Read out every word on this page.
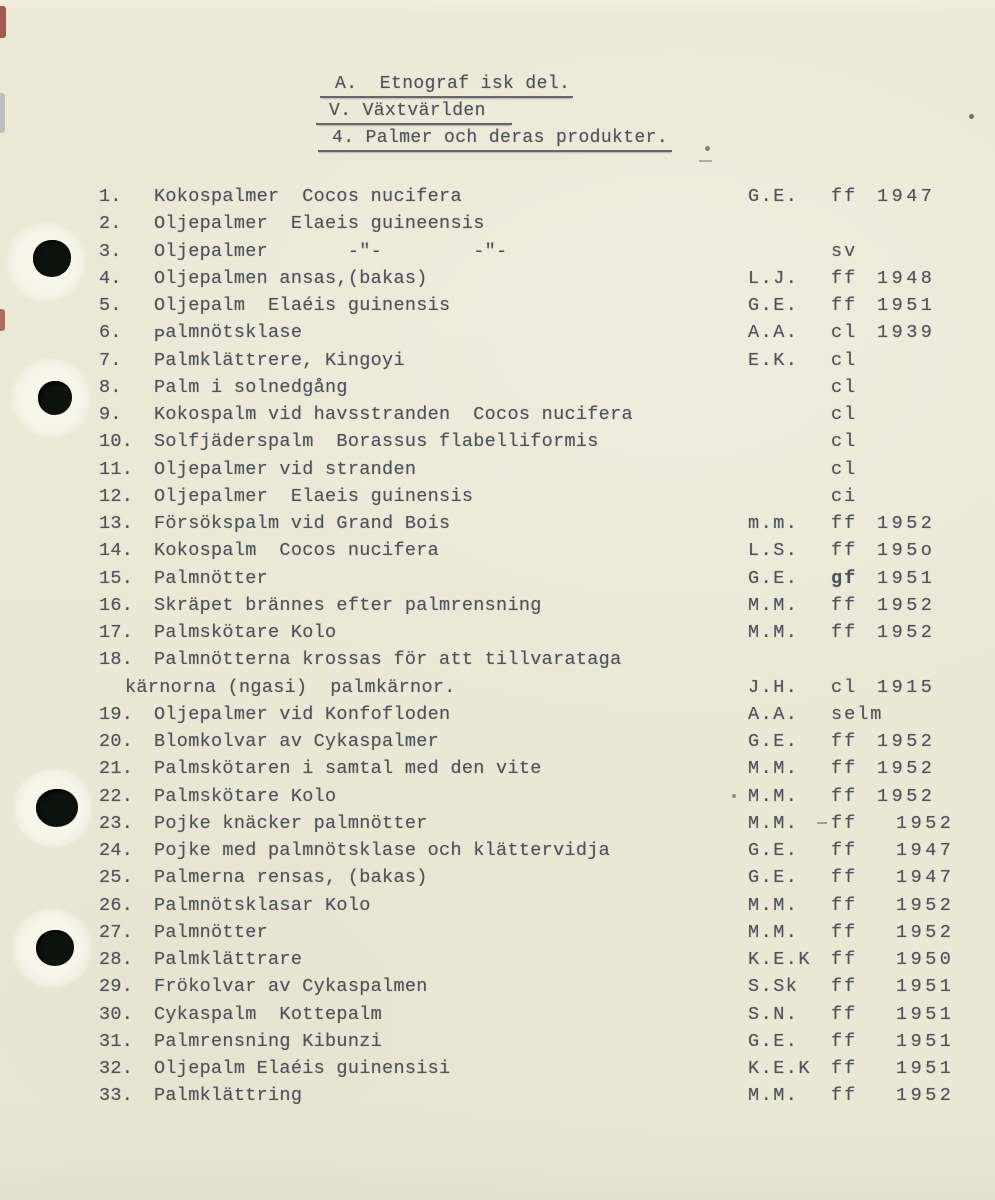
A.  Etnograf isk del.
V. Växtvärlden
4. Palmer och deras produkter.
1. Kokospalmer  Cocos nucifera	G.E. ff 1947
2. Oljepalmer  Elaeis guineensis
3. Oljepalmer       -"-        -"-	sv
4. Oljepalmen ansas,(bakas)	L.J. ff 1948
5. Oljepalm  Elaéis guinensis	G.E. ff 1951
6. Palmnötsklase	A.A. cl 1939
7. Palmklättrere, Kingoyi	E.K. cl
8. Palm i solnedgång	cl
9. Kokospalm vid havsstranden  Cocos nucifera	cl
10. Solfjäderspalm  Borassus flabelliformis	cl
11. Oljepalmer vid stranden	cl
12. Oljepalmer  Elaeis guinensis	ci
13. Försökspalm vid Grand Bois	m.m. ff 1952
14. Kokospalm  Cocos nucifera	L.S. ff 195o
15. Palmnötter	G.E. gf 1951
16. Skräpet brännes efter palmrensning	M.M. ff 1952
17. Palmskötare Kolo	M.M. ff 1952
18. Palmnötterna krossas för att tillvarataga
kärnorna (ngasi)  palmkärnor.	J.H. cl 1915
19. Oljepalmer vid Konfofloden	A.A. selm
20. Blomkolvar av Cykaspalmer	G.E. ff 1952
21. Palmskötaren i samtal med den vite	M.M. ff 1952
22. Palmskötare Kolo	M.M. ff 1952
23. Pojke knäcker palmnötter	M.M. ff 1952
24. Pojke med palmnötsklase och klättervidja	G.E. ff 1947
25. Palmerna rensas, (bakas)	G.E. ff 1947
26. Palmnötsklasar Kolo	M.M. ff 1952
27. Palmnötter	M.M. ff 1952
28. Palmklättrare	K.E.K ff 1950
29. Frökolvar av Cykaspalmen	S.Sk ff 1951
30. Cykaspalm  Kottepalm	S.N. ff 1951
31. Palmrensning Kibunzi	G.E. ff 1951
32. Oljepalm Elaéis guinensisi	K.E.K ff 1951
33. Palmklättring	M.M. ff 1952
